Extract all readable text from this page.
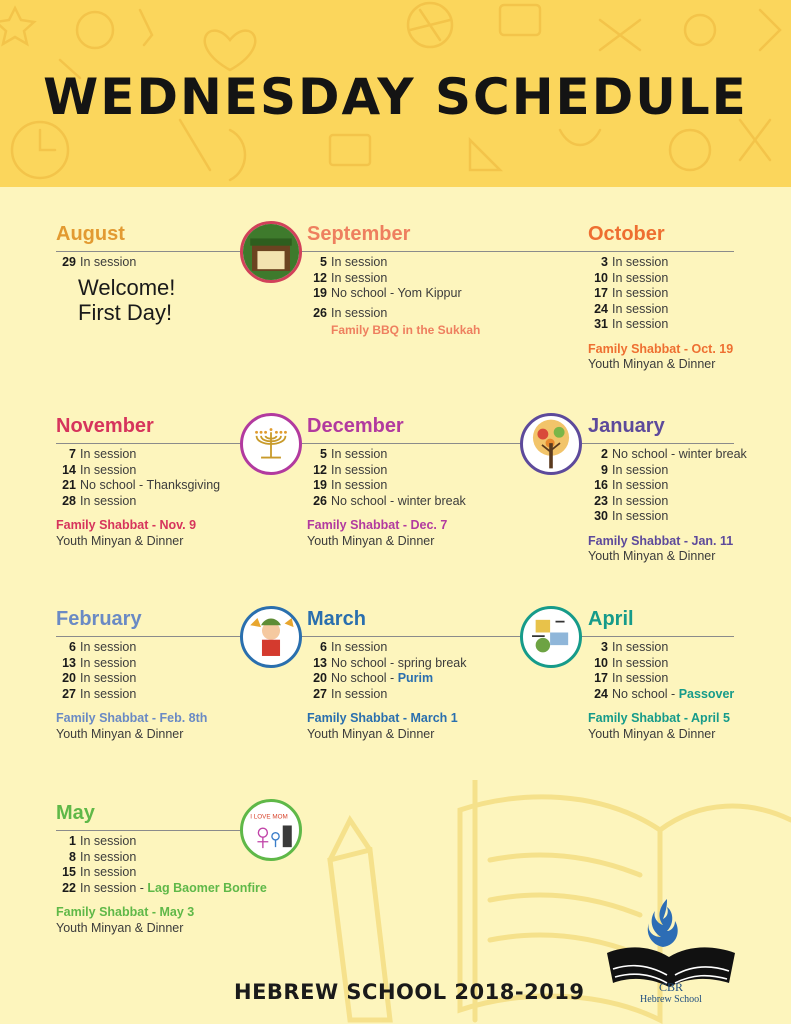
WEDNESDAY SCHEDULE
I LOVE MOM
August
29 In session
Welcome!
First Day!
September
5 In session
12 In session
19 No school - Yom Kippur
26 In session
Family BBQ in the Sukkah
October
3 In session
10 In session
17 In session
24 In session
31 In session
Family Shabbat - Oct. 19
Youth Minyan & Dinner
November
7 In session
14 In session
21 No school - Thanksgiving
28 In session
Family Shabbat - Nov. 9
Youth Minyan & Dinner
December
5 In session
12 In session
19 In session
26 No school - winter break
Family Shabbat - Dec. 7
Youth Minyan & Dinner
January
2 No school - winter break
9 In session
16 In session
23 In session
30 In session
Family Shabbat - Jan. 11
Youth Minyan & Dinner
February
6 In session
13 In session
20 In session
27 In session
Family Shabbat - Feb. 8th
Youth Minyan & Dinner
March
6 In session
13 No school - spring break
20 No school - Purim
27 In session
Family Shabbat - March 1
Youth Minyan & Dinner
April
3 In session
10 In session
17 In session
24 No school - Passover
Family Shabbat - April 5
Youth Minyan & Dinner
May
1 In session
8 In session
15 In session
22 In session - Lag Baomer Bonfire
Family Shabbat - May 3
Youth Minyan & Dinner
HEBREW SCHOOL 2018-2019	CBR
Hebrew School
